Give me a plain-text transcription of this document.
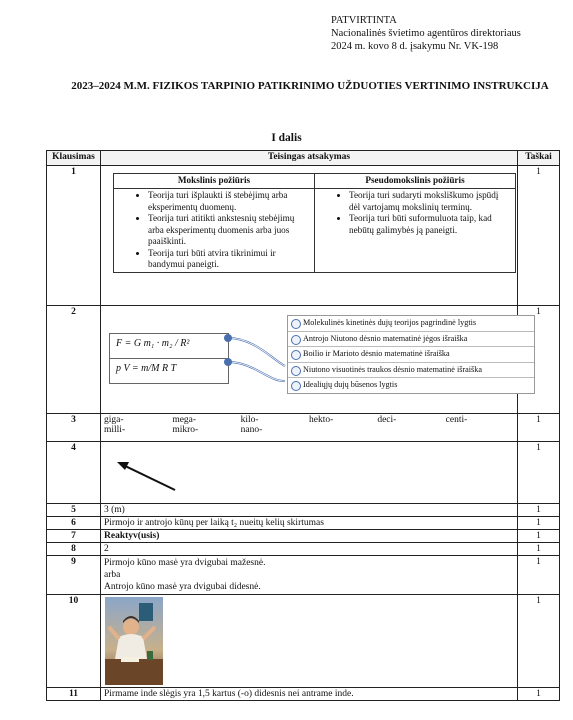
PATVIRTINTA
Nacionalinės švietimo agentūros direktoriaus
2024 m. kovo 8 d. įsakymu Nr. VK-198
2023–2024 M.M. FIZIKOS TARPINIO PATIKRINIMO UŽDUOTIES VERTINIMO INSTRUKCIJA
I dalis
Klausimas	Teisingas atsakymas	Taškai
1	
Mokslinis požiūris	Pseudomokslinis požiūris

• Teorija turi išplaukti iš stebėjimų arba eksperimentų duomenų.
• Teorija turi atitikti ankstesnių stebėjimų arba eksperimentų duomenis arba juos paaiškinti.
• Teorija turi būti atvira tikrinimui ir bandymui paneigti.

• Teorija turi sudaryti moksliškumo įspūdį dėl vartojamų mokslinių terminų.
• Teorija turi būti suformuluota taip, kad nebūtų galimybės ją paneigti.
	1
2	
F = G m₁ · m₂ / R²
p V = m/M R T
Molekulinės kinetinės dujų teorijos pagrindinė lygtis
Antrojo Niutono dėsnio matematinė jėgos išraiška
Boilio ir Marioto dėsnio matematinė išraiška
Niutono visuotinės traukos dėsnio matematinė išraiška
Idealiųjų dujų būsenos lygtis
	1
3	giga-	mega-	kilo-	hekto-	deci-	centi-
milli-	mikro-	nano-
	1
4		1
5	3 (m)	1
6	Pirmojo ir antrojo kūnų per laiką t₂ nueitų kelių skirtumas	1
7	Reaktyv(usis)	1
8	2	1
9	Pirmojo kūno masė yra dvigubai mažesnė.
arba
Antrojo kūno masė yra dvigubai didesnė.
	1
10		1
11	Pirmame inde slėgis yra 1,5 kartus (-o) didesnis nei antrame inde.	1
